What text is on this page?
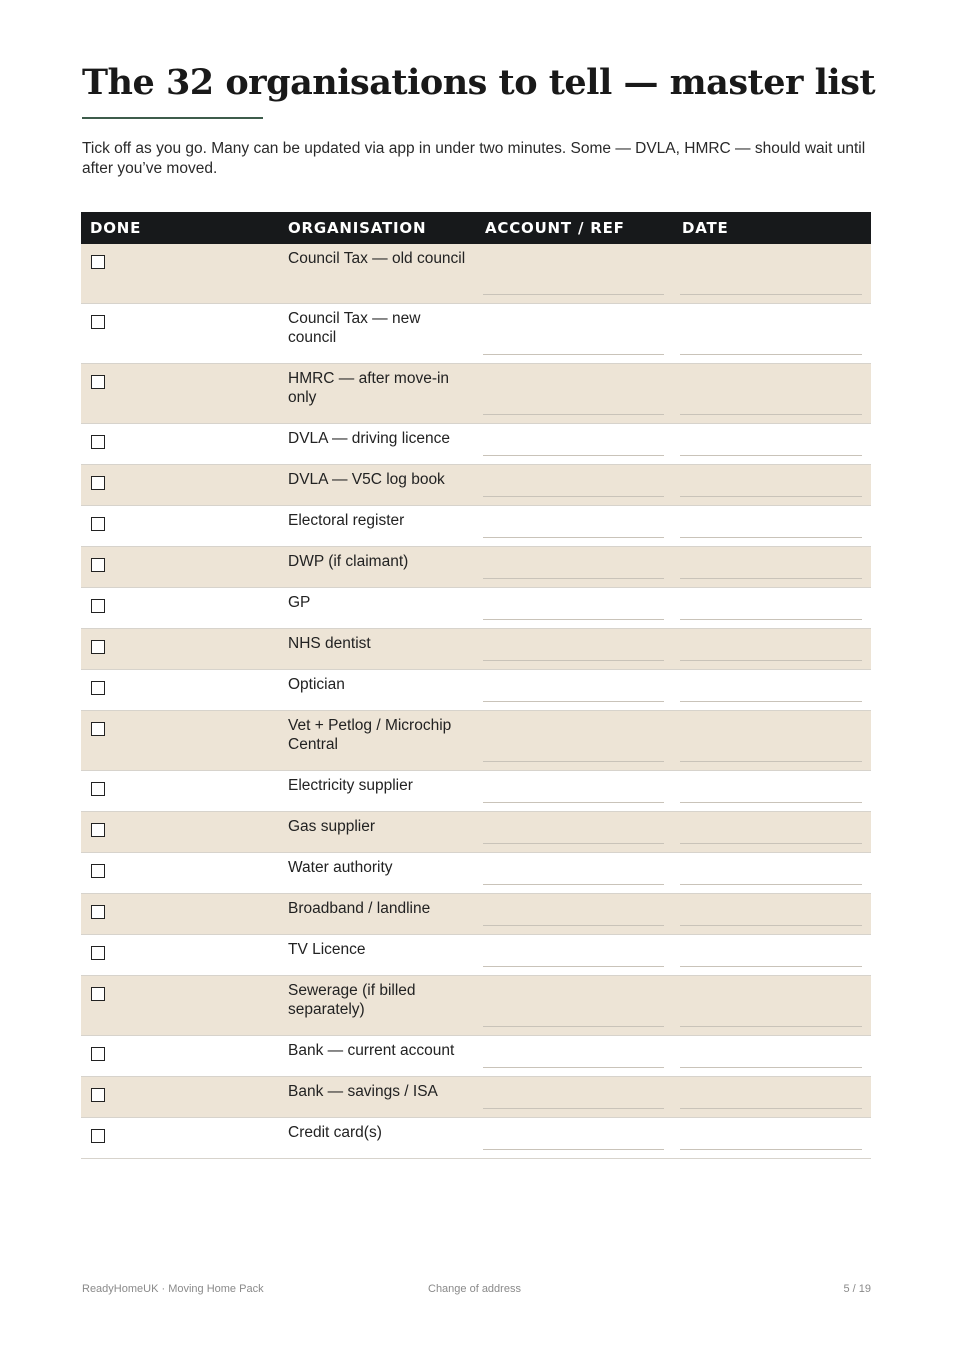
The 32 organisations to tell — master list

Tick off as you go. Many can be updated via app in under two minutes. Some — DVLA, HMRC — should wait until after you’ve moved.

DONE	ORGANISATION	ACCOUNT / REF	DATE
Council Tax — old council
Council Tax — new council
HMRC — after move-in only
DVLA — driving licence
DVLA — V5C log book
Electoral register
DWP (if claimant)
GP
NHS dentist
Optician
Vet + Petlog / Microchip Central
Electricity supplier
Gas supplier
Water authority
Broadband / landline
TV Licence
Sewerage (if billed separately)
Bank — current account
Bank — savings / ISA
Credit card(s)
ReadyHomeUK · Moving Home Pack	Change of address	5 / 19
